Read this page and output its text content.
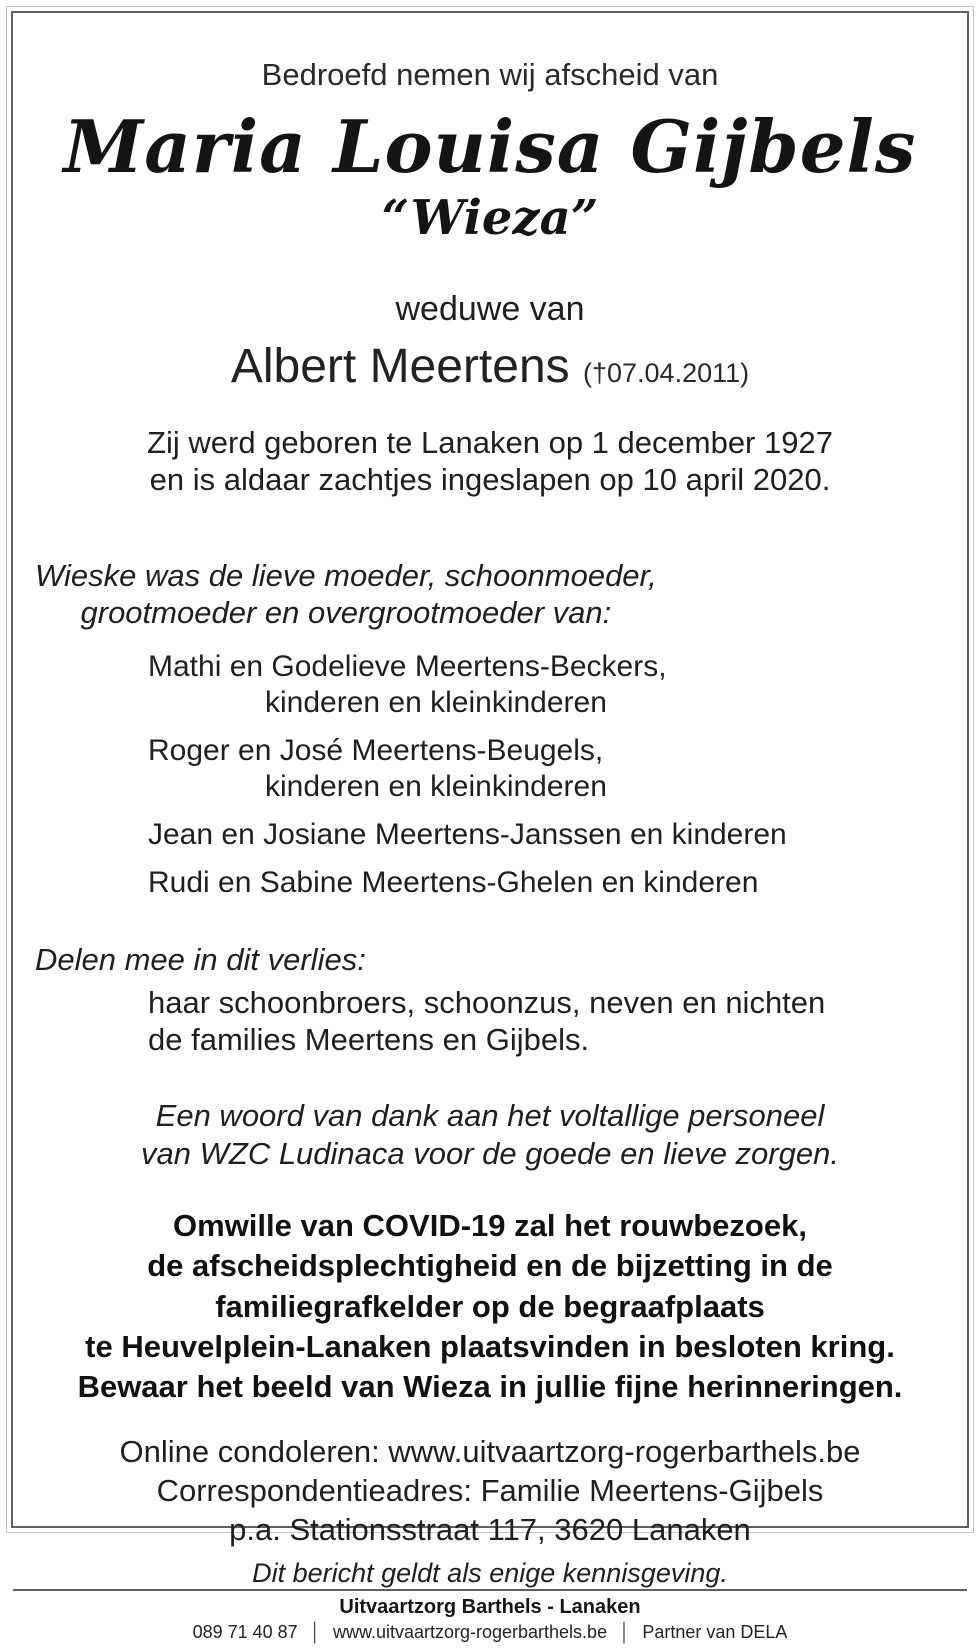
Bedroefd nemen wij afscheid van
Maria Louisa Gijbels
“Wieza”
weduwe van
Albert Meertens (†07.04.2011)
Zij werd geboren te Lanaken op 1 december 1927
en is aldaar zachtjes ingeslapen op 10 april 2020.
Wieske was de lieve moeder, schoonmoeder,
grootmoeder en overgrootmoeder van:
Mathi en Godelieve Meertens-Beckers,
kinderen en kleinkinderen
Roger en José Meertens-Beugels,
kinderen en kleinkinderen
Jean en Josiane Meertens-Janssen en kinderen
Rudi en Sabine Meertens-Ghelen en kinderen
Delen mee in dit verlies:
haar schoonbroers, schoonzus, neven en nichten
de families Meertens en Gijbels.
Een woord van dank aan het voltallige personeel
van WZC Ludinaca voor de goede en lieve zorgen.
Omwille van COVID-19 zal het rouwbezoek,
de afscheidsplechtigheid en de bijzetting in de
familiegrafkelder op de begraafplaats
te Heuvelplein-Lanaken plaatsvinden in besloten kring.
Bewaar het beeld van Wieza in jullie fijne herinneringen.
Online condoleren: www.uitvaartzorg-rogerbarthels.be
Correspondentieadres: Familie Meertens-Gijbels
p.a. Stationsstraat 117, 3620 Lanaken
Dit bericht geldt als enige kennisgeving.
Uitvaartzorg Barthels - Lanaken
089 71 40 87 │ www.uitvaartzorg-rogerbarthels.be │ Partner van DELA
